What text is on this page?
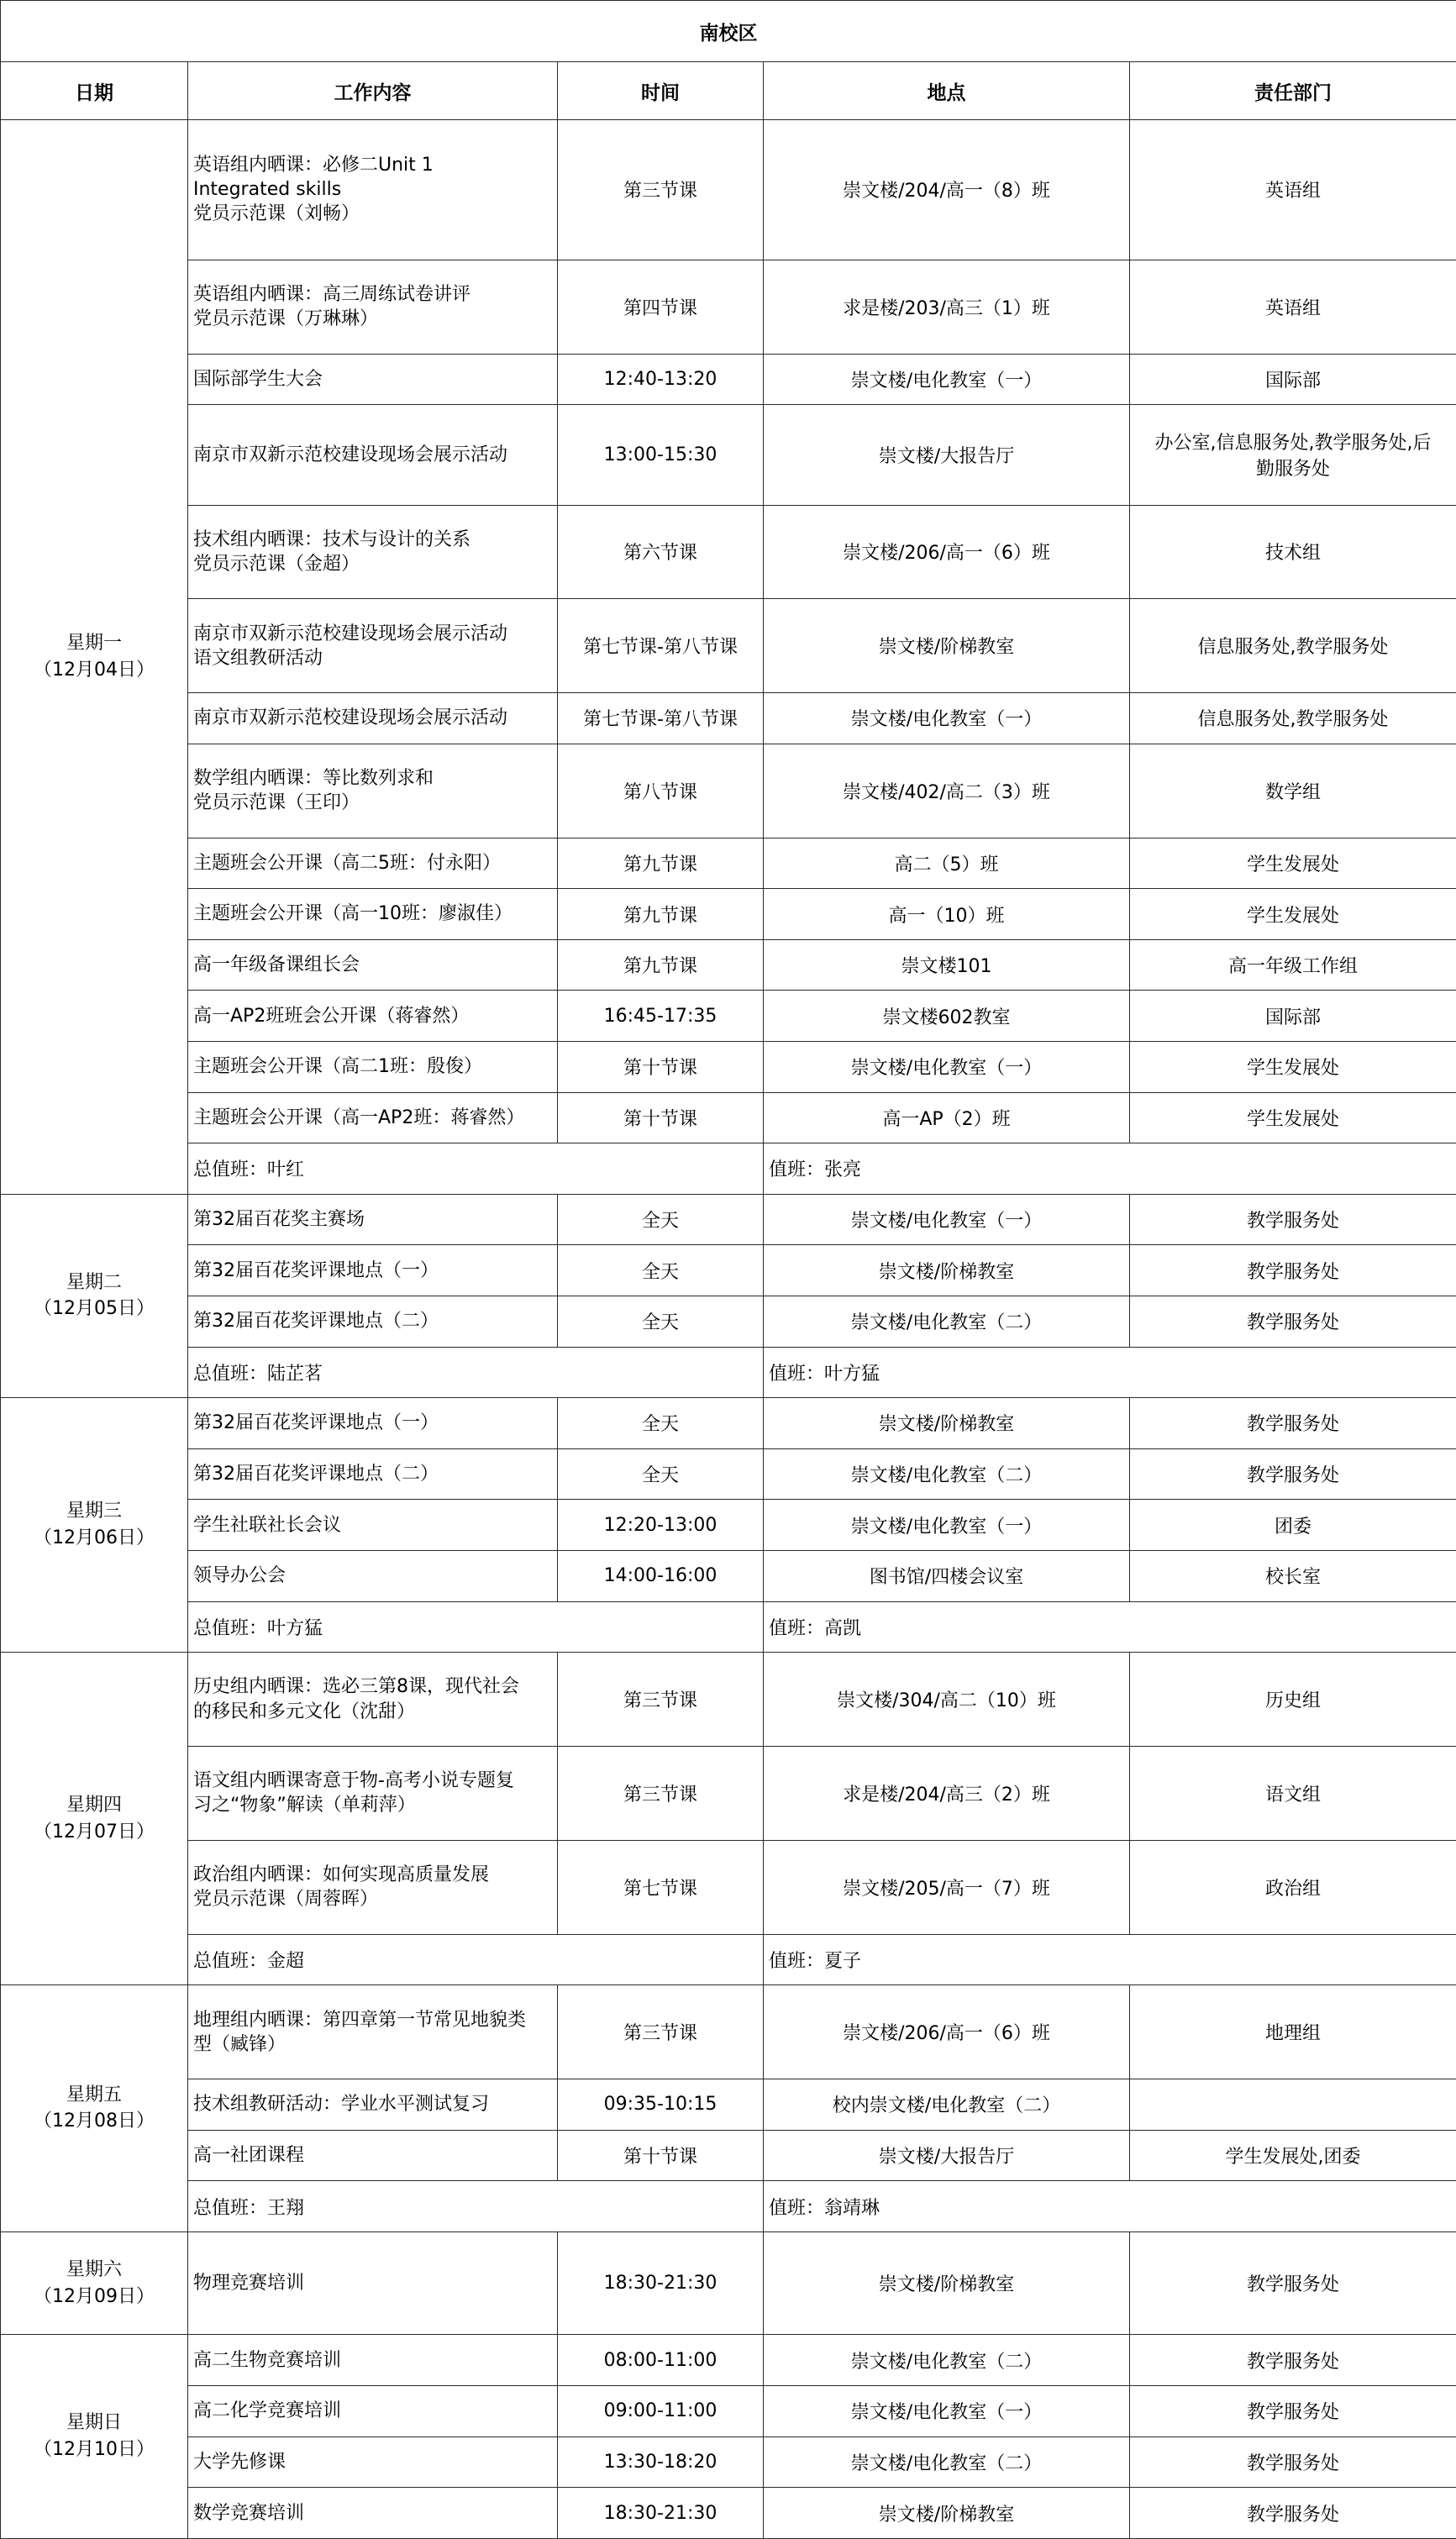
南校区				
日期	工作内容	时间	地点	责任部门

星期一
（12月04日）	英语组内晒课：必修二Unit 1
Integrated skills
党员示范课（刘畅）	第三节课	崇文楼/204/高一（8）班	英语组

	英语组内晒课：高三周练试卷讲评
党员示范课（万琳琳）	第四节课	求是楼/203/高三（1）班	英语组

	国际部学生大会	12:40-13:20	崇文楼/电化教室（一）	国际部

	南京市双新示范校建设现场会展示活动	13:00-15:30	崇文楼/大报告厅	办公室,信息服务处,教学服务处,后
勤服务处

	技术组内晒课：技术与设计的关系
党员示范课（金超）	第六节课	崇文楼/206/高一（6）班	技术组

	南京市双新示范校建设现场会展示活动
语文组教研活动	第七节课-第八节课	崇文楼/阶梯教室	信息服务处,教学服务处

	南京市双新示范校建设现场会展示活动	第七节课-第八节课	崇文楼/电化教室（一）	信息服务处,教学服务处

	数学组内晒课：等比数列求和
党员示范课（王印）	第八节课	崇文楼/402/高二（3）班	数学组

	主题班会公开课（高二5班：付永阳）	第九节课	高二（5）班	学生发展处

	主题班会公开课（高一10班：廖淑佳）	第九节课	高一（10）班	学生发展处

	高一年级备课组长会	第九节课	崇文楼101	高一年级工作组

	高一AP2班班会公开课（蒋睿然）	16:45-17:35	崇文楼602教室	国际部

	主题班会公开课（高二1班：殷俊）	第十节课	崇文楼/电化教室（一）	学生发展处

	主题班会公开课（高一AP2班：蒋睿然）	第十节课	高一AP（2）班	学生发展处

	总值班：叶红		值班：张亮	

星期二
（12月05日）	第32届百花奖主赛场	全天	崇文楼/电化教室（一）	教学服务处

	第32届百花奖评课地点（一）	全天	崇文楼/阶梯教室	教学服务处

	第32届百花奖评课地点（二）	全天	崇文楼/电化教室（二）	教学服务处

	总值班：陆芷茗		值班：叶方猛	

星期三
（12月06日）	第32届百花奖评课地点（一）	全天	崇文楼/阶梯教室	教学服务处

	第32届百花奖评课地点（二）	全天	崇文楼/电化教室（二）	教学服务处

	学生社联社长会议	12:20-13:00	崇文楼/电化教室（一）	团委

	领导办公会	14:00-16:00	图书馆/四楼会议室	校长室

	总值班：叶方猛		值班：高凯	

星期四
（12月07日）	历史组内晒课：选必三第8课，现代社会
的移民和多元文化（沈甜）	第三节课	崇文楼/304/高二（10）班	历史组

	语文组内晒课寄意于物-高考小说专题复
习之“物象”解读（单莉萍）	第三节课	求是楼/204/高三（2）班	语文组

	政治组内晒课：如何实现高质量发展
党员示范课（周蓉晖）	第七节课	崇文楼/205/高一（7）班	政治组

	总值班：金超		值班：夏子	

星期五
（12月08日）	地理组内晒课：第四章第一节常见地貌类
型（臧锋）	第三节课	崇文楼/206/高一（6）班	地理组

	技术组教研活动：学业水平测试复习	09:35-10:15	校内崇文楼/电化教室（二）	

	高一社团课程	第十节课	崇文楼/大报告厅	学生发展处,团委

	总值班：王翔		值班：翁靖琳	

星期六
（12月09日）	物理竞赛培训	18:30-21:30	崇文楼/阶梯教室	教学服务处

星期日
（12月10日）	高二生物竞赛培训	08:00-11:00	崇文楼/电化教室（二）	教学服务处

	高二化学竞赛培训	09:00-11:00	崇文楼/电化教室（一）	教学服务处

	大学先修课	13:30-18:20	崇文楼/电化教室（二）	教学服务处

	数学竞赛培训	18:30-21:30	崇文楼/阶梯教室	教学服务处
